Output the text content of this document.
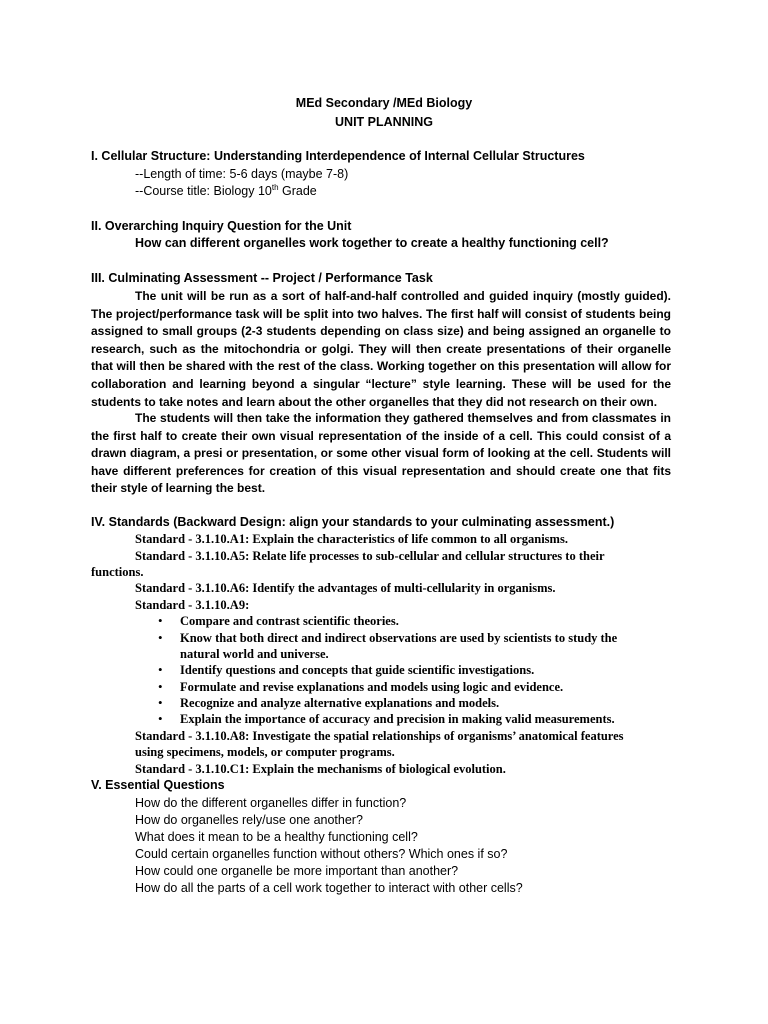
MEd Secondary /MEd Biology
UNIT PLANNING
I. Cellular Structure: Understanding Interdependence of Internal Cellular Structures
--Length of time: 5-6 days (maybe 7-8)
--Course title: Biology 10th Grade
II. Overarching Inquiry Question for the Unit
How can different organelles work together to create a healthy functioning cell?
III. Culminating Assessment -- Project / Performance Task
The unit will be run as a sort of half-and-half controlled and guided inquiry (mostly guided). The project/performance task will be split into two halves. The first half will consist of students being assigned to small groups (2-3 students depending on class size) and being assigned an organelle to research, such as the mitochondria or golgi. They will then create presentations of their organelle that will then be shared with the rest of the class. Working together on this presentation will allow for collaboration and learning beyond a singular “lecture” style learning. These will be used for the students to take notes and learn about the other organelles that they did not research on their own.
The students will then take the information they gathered themselves and from classmates in the first half to create their own visual representation of the inside of a cell. This could consist of a drawn diagram, a presi or presentation, or some other visual form of looking at the cell. Students will have different preferences for creation of this visual representation and should create one that fits their style of learning the best.
IV. Standards (Backward Design: align your standards to your culminating assessment.)
Standard - 3.1.10.A1: Explain the characteristics of life common to all organisms.
Standard - 3.1.10.A5: Relate life processes to sub-cellular and cellular structures to their
functions.
Standard - 3.1.10.A6: Identify the advantages of multi-cellularity in organisms.
Standard - 3.1.10.A9:
• Compare and contrast scientific theories.
• Know that both direct and indirect observations are used by scientists to study the
natural world and universe.
• Identify questions and concepts that guide scientific investigations.
• Formulate and revise explanations and models using logic and evidence.
• Recognize and analyze alternative explanations and models.
• Explain the importance of accuracy and precision in making valid measurements.
Standard - 3.1.10.A8: Investigate the spatial relationships of organisms’ anatomical features
using specimens, models, or computer programs.
Standard - 3.1.10.C1: Explain the mechanisms of biological evolution.
V. Essential Questions
How do the different organelles differ in function?
How do organelles rely/use one another?
What does it mean to be a healthy functioning cell?
Could certain organelles function without others? Which ones if so?
How could one organelle be more important than another?
How do all the parts of a cell work together to interact with other cells?
